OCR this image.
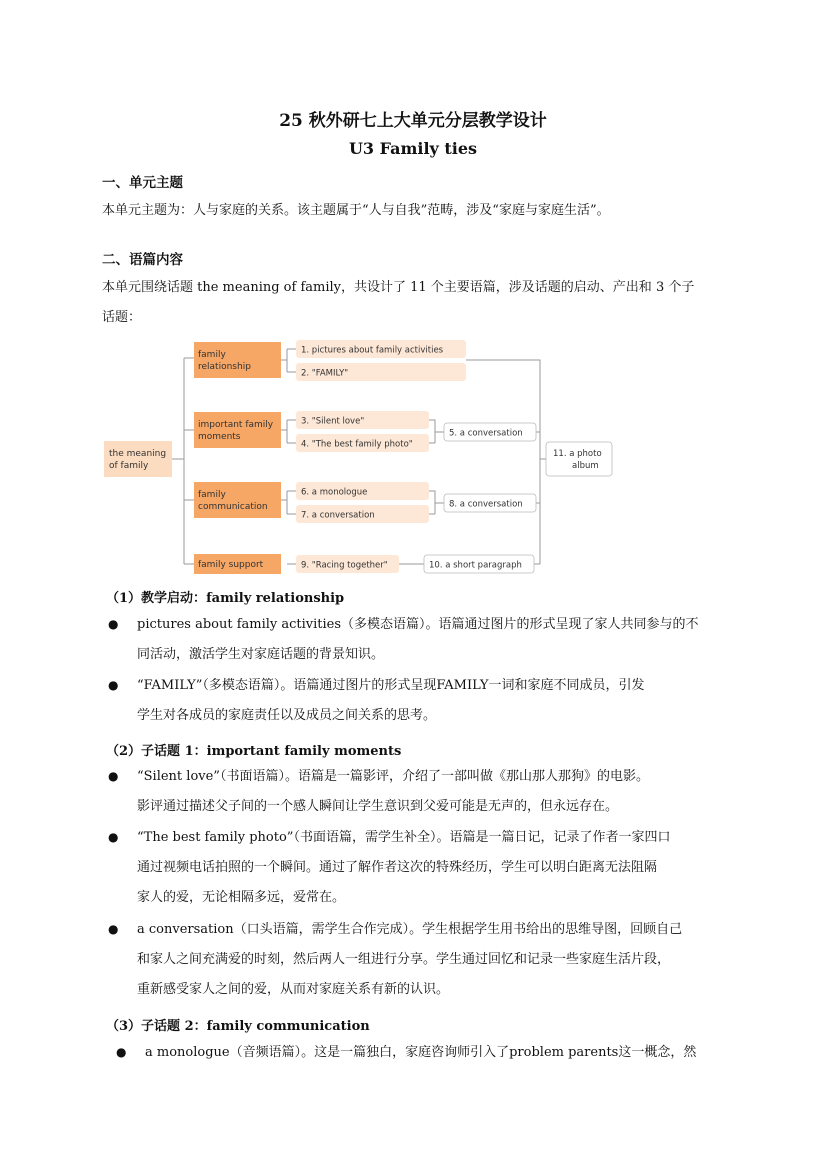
25 秋外研七上大单元分层教学设计
U3 Family ties
一、单元主题
本单元主题为：人与家庭的关系。该主题属于“人与自我”范畴，涉及“家庭与家庭生活”。
二、语篇内容
本单元围绕话题 the meaning of family，共设计了 11 个主要语篇，涉及话题的启动、产出和 3 个子
话题：
the meaning
of family
family
relationship
important family
moments
family
communication
family support
1. pictures about family activities
2. "FAMILY"
3. "Silent love"
4. "The best family photo"
5. a conversation
6. a monologue
7. a conversation
8. a conversation
9. "Racing together"	10. a short paragraph
11. a photo
album
（1）教学启动：family relationship
● pictures about family activities（多模态语篇）。语篇通过图片的形式呈现了家人共同参与的不
同活动，激活学生对家庭话题的背景知识。
● “FAMILY”（多模态语篇）。语篇通过图片的形式呈现FAMILY一词和家庭不同成员，引发
学生对各成员的家庭责任以及成员之间关系的思考。
（2）子话题 1：important family moments
● “Silent love”（书面语篇）。语篇是一篇影评，介绍了一部叫做《那山那人那狗》的电影。
影评通过描述父子间的一个感人瞬间让学生意识到父爱可能是无声的，但永远存在。
● “The best family photo”（书面语篇，需学生补全）。语篇是一篇日记，记录了作者一家四口
通过视频电话拍照的一个瞬间。通过了解作者这次的特殊经历，学生可以明白距离无法阻隔
家人的爱，无论相隔多远，爱常在。
● a conversation（口头语篇，需学生合作完成）。学生根据学生用书给出的思维导图，回顾自己
和家人之间充满爱的时刻，然后两人一组进行分享。学生通过回忆和记录一些家庭生活片段，
重新感受家人之间的爱，从而对家庭关系有新的认识。
（3）子话题 2：family communication
● a monologue（音频语篇）。这是一篇独白，家庭咨询师引入了problem parents这一概念，然
